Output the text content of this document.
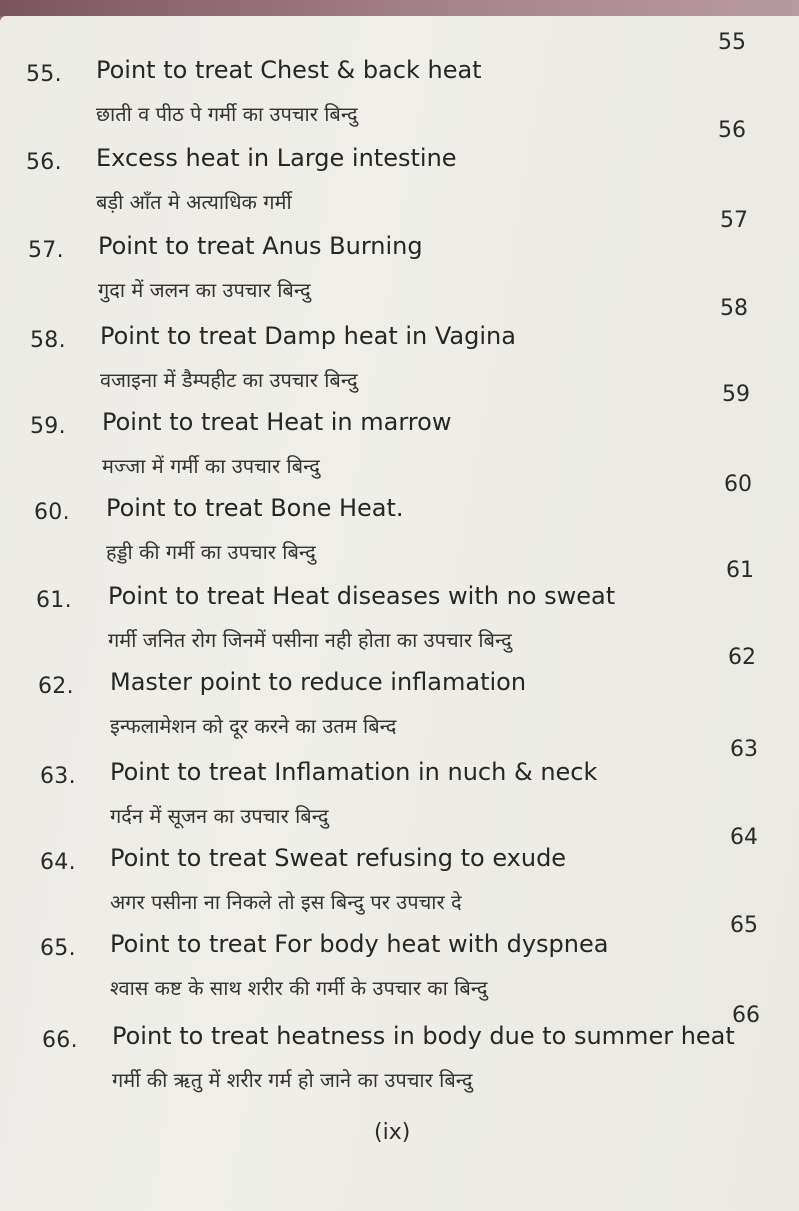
55. Point to treat Chest & back heat
छाती व पीठ पे गर्मी का उपचार बिन्दु
55
56. Excess heat in Large intestine
बड़ी आँत मे अत्याधिक गर्मी
56
57. Point to treat Anus Burning
गुदा में जलन का उपचार बिन्दु
57
58. Point to treat Damp heat in Vagina
वजाइना में डैम्पहीट का उपचार बिन्दु
58
59. Point to treat Heat in marrow
मज्जा में गर्मी का उपचार बिन्दु
59
60. Point to treat Bone Heat.
हड्डी की गर्मी का उपचार बिन्दु
60
61. Point to treat Heat diseases with no sweat
गर्मी जनित रोग जिनमें पसीना नही होता का उपचार बिन्दु
61
62. Master point to reduce inflamation
इन्फलामेशन को दूर करने का उतम बिन्द
62
63. Point to treat Inflamation in nuch & neck
गर्दन में सूजन का उपचार बिन्दु
63
64. Point to treat Sweat refusing to exude
अगर पसीना ना निकले तो इस बिन्दु पर उपचार दे
64
65. Point to treat For body heat with dyspnea
श्वास कष्ट के साथ शरीर की गर्मी के उपचार का बिन्दु
65
66. Point to treat heatness in body due to summer heat
गर्मी की ऋतु में शरीर गर्म हो जाने का उपचार बिन्दु
66
(ix)
